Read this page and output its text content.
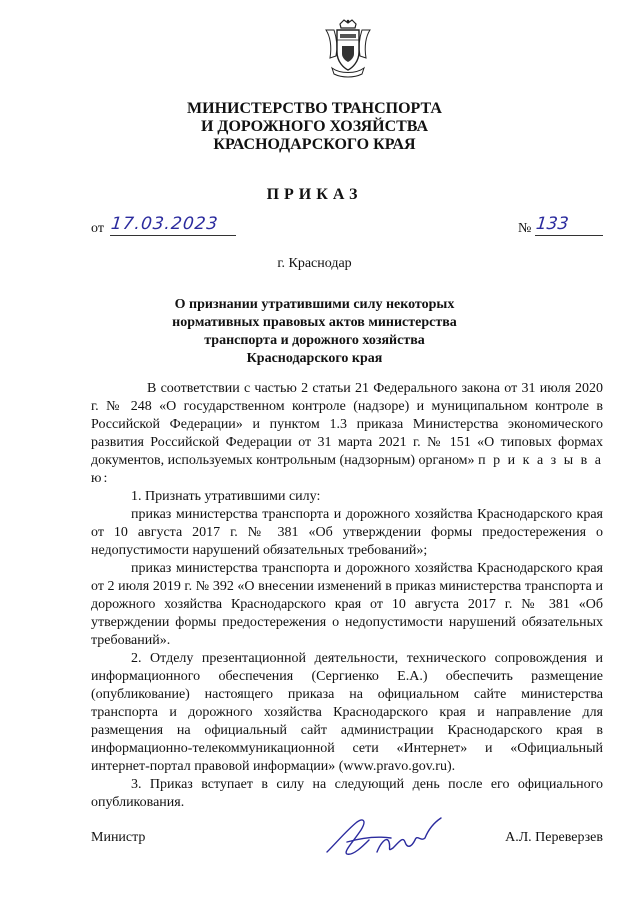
МИНИСТЕРСТВО ТРАНСПОРТА
И ДОРОЖНОГО ХОЗЯЙСТВА
КРАСНОДАРСКОГО КРАЯ
ПРИКАЗ
от 17.03.2023	№ 133
г. Краснодар
О признании утратившими силу некоторых
нормативных правовых актов министерства
транспорта и дорожного хозяйства
Краснодарского края

В соответствии с частью 2 статьи 21 Федерального закона от 31 июля 2020 г. № 248 «О государственном контроле (надзоре) и муниципальном контроле в Российской Федерации» и пунктом 1.3 приказа Министерства экономического развития Российской Федерации от 31 марта 2021 г. № 151 «О типовых формах документов, используемых контрольным (надзорным) органом» п р и к а з ы в а ю:

1. Признать утратившими силу:

приказ министерства транспорта и дорожного хозяйства Краснодарского края от 10 августа 2017 г. № 381 «Об утверждении формы предостережения о недопустимости нарушений обязательных требований»;

приказ министерства транспорта и дорожного хозяйства Краснодарского края от 2 июля 2019 г. № 392 «О внесении изменений в приказ министерства транспорта и дорожного хозяйства Краснодарского края от 10 августа 2017 г. № 381 «Об утверждении формы предостережения о недопустимости нарушений обязательных требований».

2. Отделу презентационной деятельности, технического сопровождения и информационного обеспечения (Сергиенко Е.А.) обеспечить размещение (опубликование) настоящего приказа на официальном сайте министерства транспорта и дорожного хозяйства Краснодарского края и направление для размещения на официальный сайт администрации Краснодарского края в информационно-телекоммуникационной сети «Интернет» и «Официальный интернет-портал правовой информации» (www.pravo.gov.ru).

3. Приказ вступает в силу на следующий день после его официального опубликования.

Министр	А.Л. Переверзев
